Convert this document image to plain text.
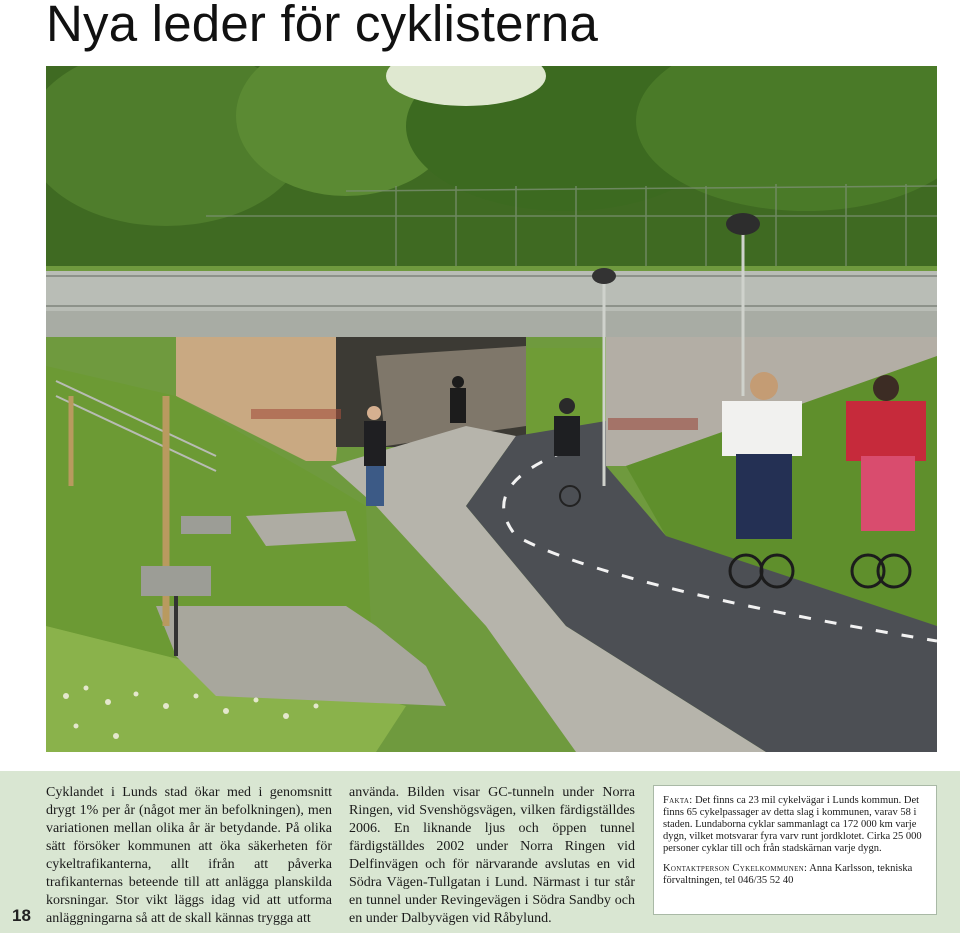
Nya leder för cyklisterna
18
Cyklandet i Lunds stad ökar med i genomsnitt drygt 1% per år (något mer än befolkningen), men variationen mellan olika år är betydande. På olika sätt försöker kommunen att öka säkerheten för cykeltrafikanterna, allt ifrån att påverka trafikanternas beteende till att anlägga planskilda korsningar. Stor vikt läggs idag vid att utforma anläggningarna så att de skall kännas trygga att
använda. Bilden visar GC-tunneln under Norra Ringen, vid Svenshögsvägen, vilken färdigställdes 2006. En liknande ljus och öppen tunnel färdigställdes 2002 under Norra Ringen vid Delfinvägen och för närvarande avslutas en vid Södra Vägen-Tullgatan i Lund. Närmast i tur står en tunnel under Revingevägen i Södra Sandby och en under Dalbyvägen vid Råbylund.

Fakta: Det finns ca 23 mil cykelvägar i Lunds kommun. Det finns 65 cykelpassager av detta slag i kommunen, varav 58 i staden. Lundaborna cyklar sammanlagt ca 172 000 km varje dygn, vilket motsvarar fyra varv runt jordklotet. Cirka 25 000 personer cyklar till och från stadskärnan varje dygn.

Kontaktperson Cykelkommunen: Anna Karlsson, tekniska förvaltningen, tel 046/35 52 40
